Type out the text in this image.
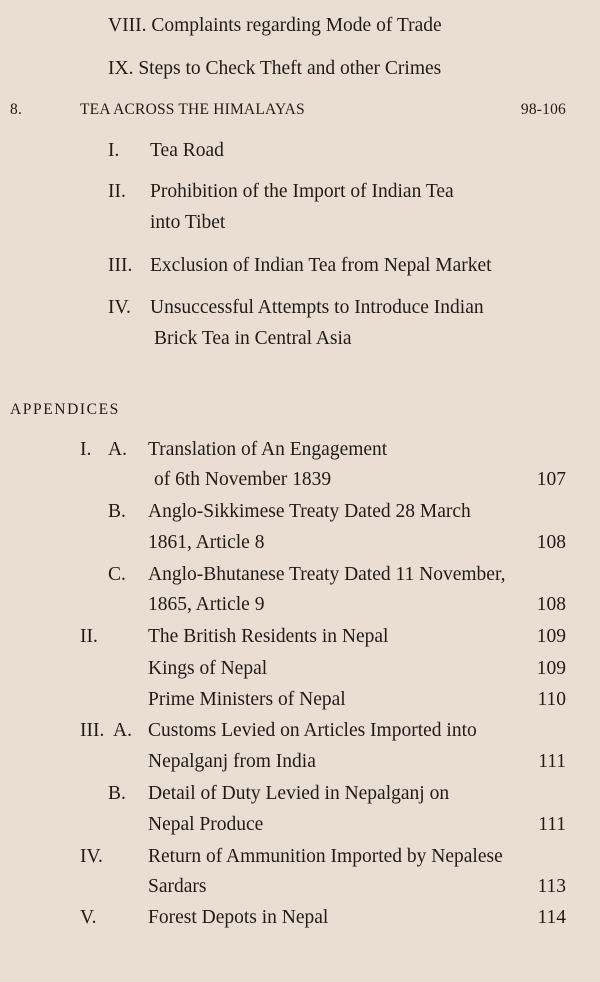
VIII. Complaints regarding Mode of Trade
IX. Steps to Check Theft and other Crimes
8.	TEA ACROSS THE HIMALAYAS	98-106
I. Tea Road
II. Prohibition of the Import of Indian Tea
into Tibet
III. Exclusion of Indian Tea from Nepal Market
IV. Unsuccessful Attempts to Introduce Indian
Brick Tea in Central Asia
APPENDICES
I. A. Translation of An Engagement
of 6th November 1839	107
B. Anglo-Sikkimese Treaty Dated 28 March
1861, Article 8	108
C. Anglo-Bhutanese Treaty Dated 11 November,
1865, Article 9	108
II.	The British Residents in Nepal	109
Kings of Nepal	109
Prime Ministers of Nepal	110
III. A. Customs Levied on Articles Imported into
Nepalganj from India	111
B. Detail of Duty Levied in Nepalganj on
Nepal Produce	111
IV. Return of Ammunition Imported by Nepalese
Sardars	113
V.	Forest Depots in Nepal	114
